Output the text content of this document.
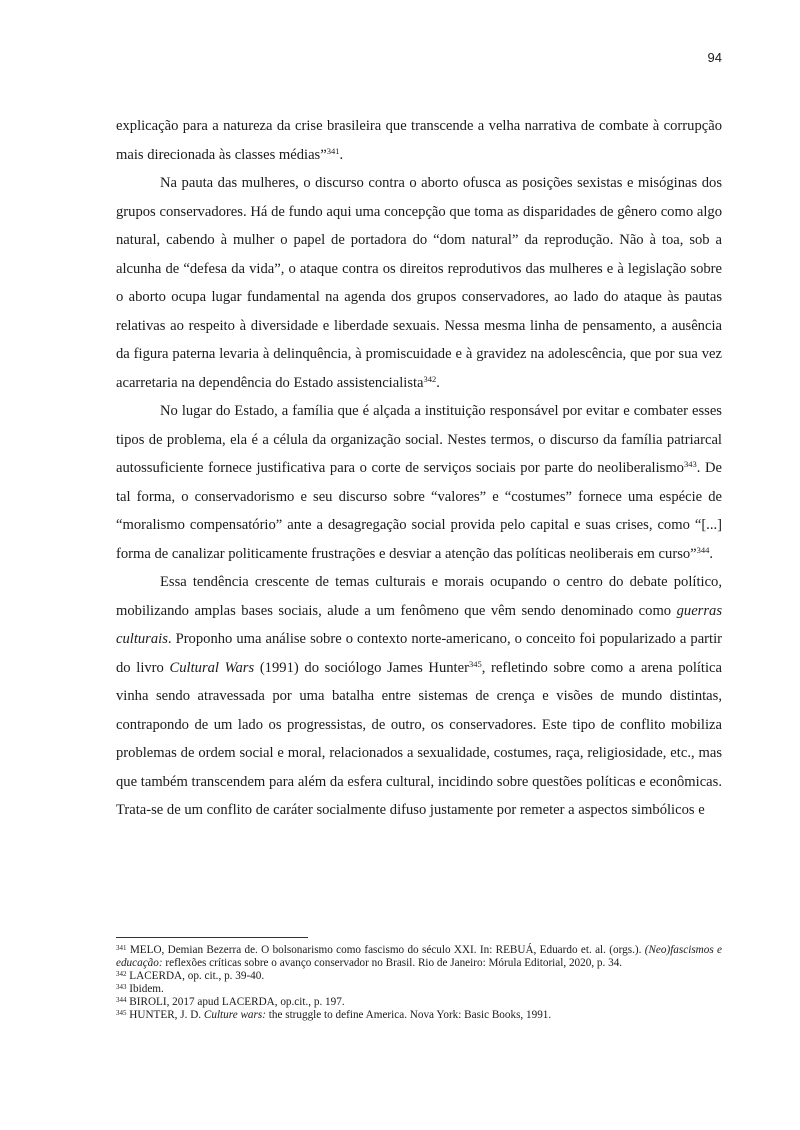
94

explicação para a natureza da crise brasileira que transcende a velha narrativa de combate à corrupção mais direcionada às classes médias”$^{341}$.

Na pauta das mulheres, o discurso contra o aborto ofusca as posições sexistas e misóginas dos grupos conservadores. Há de fundo aqui uma concepção que toma as disparidades de gênero como algo natural, cabendo à mulher o papel de portadora do “dom natural” da reprodução. Não à toa, sob a alcunha de “defesa da vida”, o ataque contra os direitos reprodutivos das mulheres e à legislação sobre o aborto ocupa lugar fundamental na agenda dos grupos conservadores, ao lado do ataque às pautas relativas ao respeito à diversidade e liberdade sexuais. Nessa mesma linha de pensamento, a ausência da figura paterna levaria à delinquência, à promiscuidade e à gravidez na adolescência, que por sua vez acarretaria na dependência do Estado assistencialista$^{342}$.

No lugar do Estado, a família que é alçada a instituição responsável por evitar e combater esses tipos de problema, ela é a célula da organização social. Nestes termos, o discurso da família patriarcal autossuficiente fornece justificativa para o corte de serviços sociais por parte do neoliberalismo$^{343}$. De tal forma, o conservadorismo e seu discurso sobre “valores” e “costumes” fornece uma espécie de “moralismo compensatório” ante a desagregação social provida pelo capital e suas crises, como “[...] forma de canalizar politicamente frustrações e desviar a atenção das políticas neoliberais em curso”$^{344}$.

Essa tendência crescente de temas culturais e morais ocupando o centro do debate político, mobilizando amplas bases sociais, alude a um fenômeno que vêm sendo denominado como guerras culturais. Proponho uma análise sobre o contexto norte-americano, o conceito foi popularizado a partir do livro Cultural Wars (1991) do sociólogo James Hunter$^{345}$, refletindo sobre como a arena política vinha sendo atravessada por uma batalha entre sistemas de crença e visões de mundo distintas, contrapondo de um lado os progressistas, de outro, os conservadores. Este tipo de conflito mobiliza problemas de ordem social e moral, relacionados a sexualidade, costumes, raça, religiosidade, etc., mas que também transcendem para além da esfera cultural, incidindo sobre questões políticas e econômicas. Trata-se de um conflito de caráter socialmente difuso justamente por remeter a aspectos simbólicos e

$^{341}$ MELO, Demian Bezerra de. O bolsonarismo como fascismo do século XXI. In: REBUÁ, Eduardo et. al. (orgs.). (Neo)fascismos e educação: reflexões críticas sobre o avanço conservador no Brasil. Rio de Janeiro: Mórula Editorial, 2020, p. 34.

$^{342}$ LACERDA, op. cit., p. 39-40.

$^{343}$ Ibidem.

$^{344}$ BIROLI, 2017 apud LACERDA, op.cit., p. 197.

$^{345}$ HUNTER, J. D. Culture wars: the struggle to define America. Nova York: Basic Books, 1991.
